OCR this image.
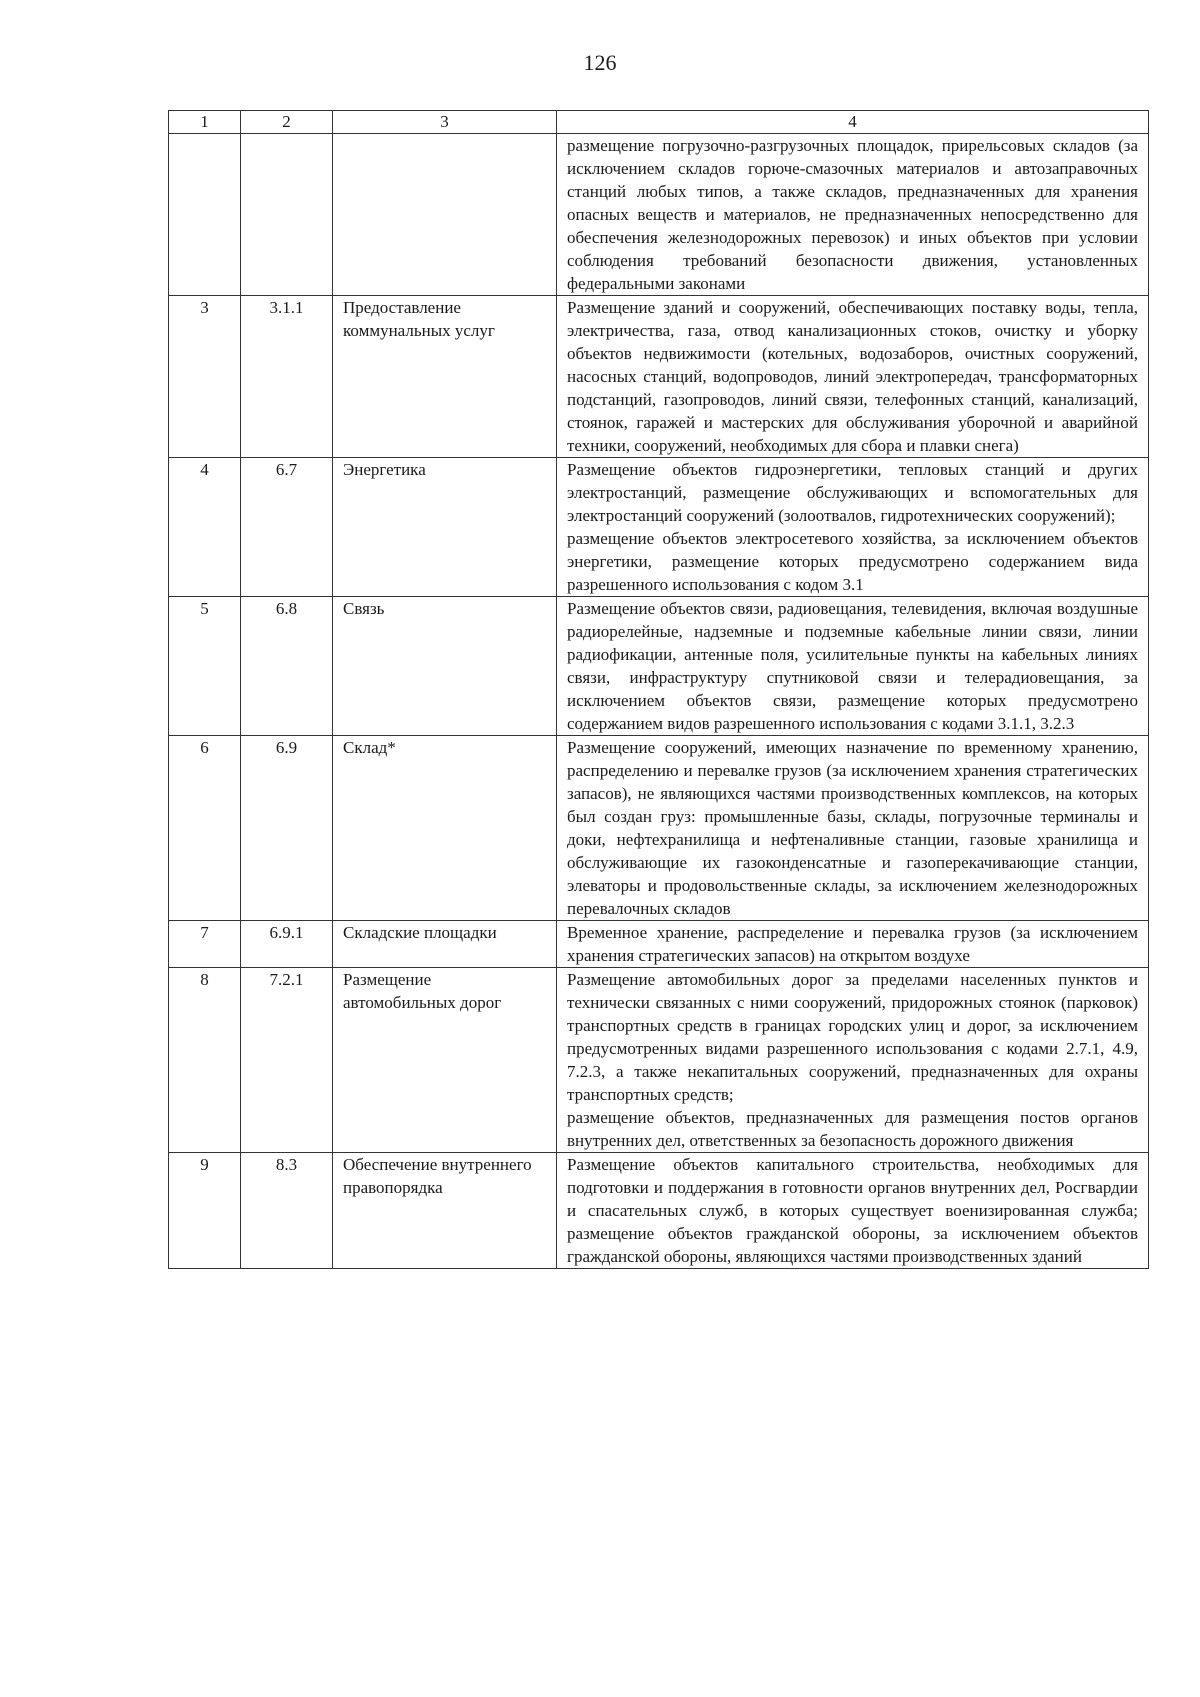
126
1	2	3	4

			размещение погрузочно-разгрузочных площадок, прирельсовых складов (за исключением складов горюче-смазочных материалов и автозаправочных станций любых типов, а также складов, предназначенных для хранения опасных веществ и материалов, не предназначенных непосредственно для обеспечения железнодорожных перевозок) и иных объектов при условии соблюдения требований безопасности движения, установленных федеральными законами

3	3.1.1	Предоставление коммунальных услуг	Размещение зданий и сооружений, обеспечивающих поставку воды, тепла, электричества, газа, отвод канализационных стоков, очистку и уборку объектов недвижимости (котельных, водозаборов, очистных сооружений, насосных станций, водопроводов, линий электропередач, трансформаторных подстанций, газопроводов, линий связи, телефонных станций, канализаций, стоянок, гаражей и мастерских для обслуживания уборочной и аварийной техники, сооружений, необходимых для сбора и плавки снега)

4	6.7	Энергетика	Размещение объектов гидроэнергетики, тепловых станций и других электростанций, размещение обслуживающих и вспомогательных для электростанций сооружений (золоотвалов, гидротехнических сооружений);
размещение объектов электросетевого хозяйства, за исключением объектов энергетики, размещение которых предусмотрено содержанием вида разрешенного использования с кодом 3.1

5	6.8	Связь	Размещение объектов связи, радиовещания, телевидения, включая воздушные радиорелейные, надземные и подземные кабельные линии связи, линии радиофикации, антенные поля, усилительные пункты на кабельных линиях связи, инфраструктуру спутниковой связи и телерадиовещания, за исключением объектов связи, размещение которых предусмотрено содержанием видов разрешенного использования с кодами 3.1.1, 3.2.3

6	6.9	Склад*	Размещение сооружений, имеющих назначение по временному хранению, распределению и перевалке грузов (за исключением хранения стратегических запасов), не являющихся частями производственных комплексов, на которых был создан груз: промышленные базы, склады, погрузочные терминалы и доки, нефтехранилища и нефтеналивные станции, газовые хранилища и обслуживающие их газоконденсатные и газоперекачивающие станции, элеваторы и продовольственные склады, за исключением железнодорожных перевалочных складов

7	6.9.1	Складские площадки	Временное хранение, распределение и перевалка грузов (за исключением хранения стратегических запасов) на открытом воздухе

8	7.2.1	Размещение автомобильных дорог	Размещение автомобильных дорог за пределами населенных пунктов и технически связанных с ними сооружений, придорожных стоянок (парковок) транспортных средств в границах городских улиц и дорог, за исключением предусмотренных видами разрешенного использования с кодами 2.7.1, 4.9, 7.2.3, а также некапитальных сооружений, предназначенных для охраны транспортных средств;
размещение объектов, предназначенных для размещения постов органов внутренних дел, ответственных за безопасность дорожного движения

9	8.3	Обеспечение внутреннего правопорядка	Размещение объектов капитального строительства, необходимых для подготовки и поддержания в готовности органов внутренних дел, Росгвардии и спасательных служб, в которых существует военизированная служба; размещение объектов гражданской обороны, за исключением объектов гражданской обороны, являющихся частями производственных зданий
